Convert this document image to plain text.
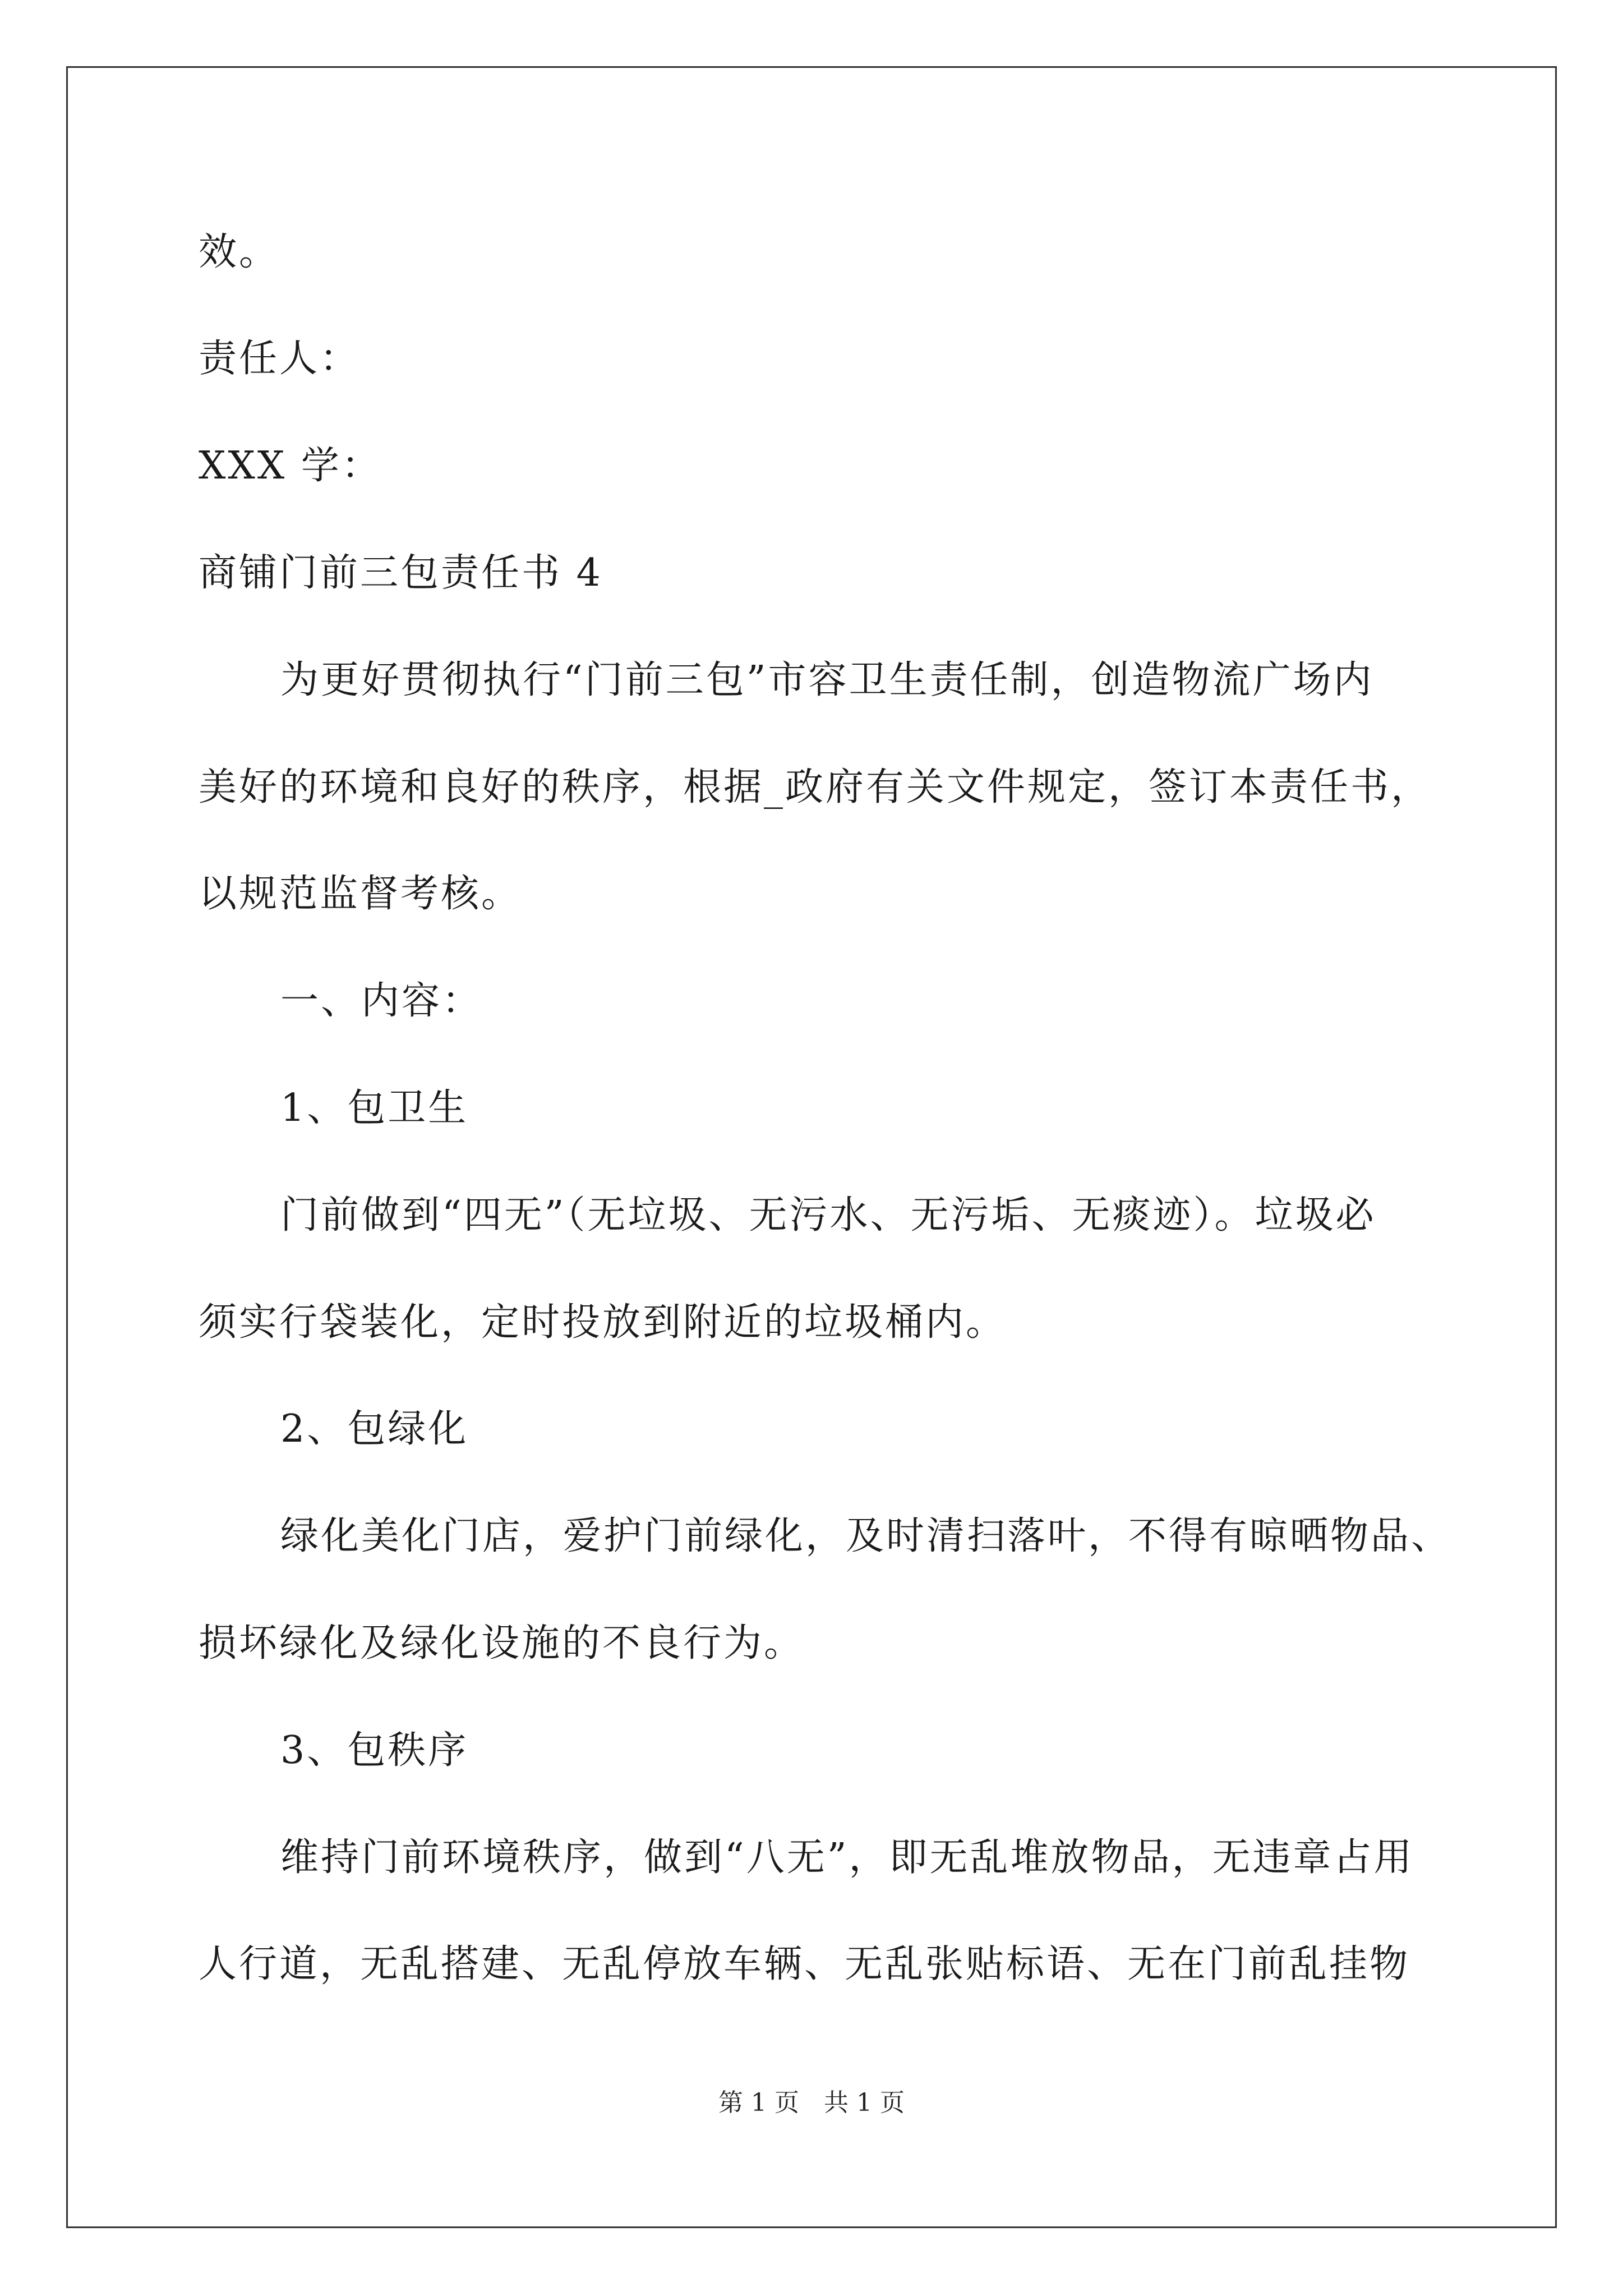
效。
责任人：
XXX 学：
商铺门前三包责任书 4
为更好贯彻执行“门前三包”市容卫生责任制，创造物流广场内
美好的环境和良好的秩序，根据_政府有关文件规定，签订本责任书，
以规范监督考核。
一、内容：
1、包卫生
门前做到“四无”（无垃圾、无污水、无污垢、无痰迹）。垃圾必
须实行袋装化，定时投放到附近的垃圾桶内。
2、包绿化
绿化美化门店，爱护门前绿化，及时清扫落叶，不得有晾晒物品、
损坏绿化及绿化设施的不良行为。
3、包秩序
维持门前环境秩序，做到“八无”，即无乱堆放物品，无违章占用
人行道，无乱搭建、无乱停放车辆、无乱张贴标语、无在门前乱挂物
第 1 页　共 1 页
